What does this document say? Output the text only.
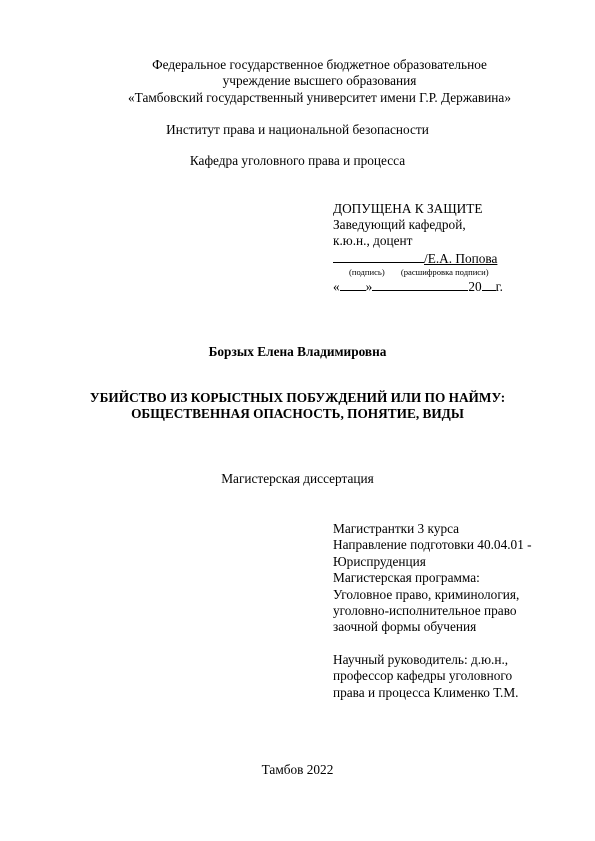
Федеральное государственное бюджетное образовательное
учреждение высшего образования
«Тамбовский государственный университет имени Г.Р. Державина»
Институт права и национальной безопасности
Кафедра уголовного права и процесса
ДОПУЩЕНА К ЗАЩИТЕ
Заведующий кафедрой,
к.ю.н., доцент
/Е.А. Попова
(подпись) (расшифровка подписи)
« »	20 г.
Борзых Елена Владимировна
УБИЙСТВО ИЗ КОРЫСТНЫХ ПОБУЖДЕНИЙ ИЛИ ПО НАЙМУ:
ОБЩЕСТВЕННАЯ ОПАСНОСТЬ, ПОНЯТИЕ, ВИДЫ
Магистерская диссертация
Магистрантки 3 курса
Направление подготовки 40.04.01 -
Юриспруденция
Магистерская программа:
Уголовное право, криминология,
уголовно-исполнительное право
заочной формы обучения
Научный руководитель: д.ю.н.,
профессор кафедры уголовного
права и процесса Клименко Т.М.
Тамбов 2022
